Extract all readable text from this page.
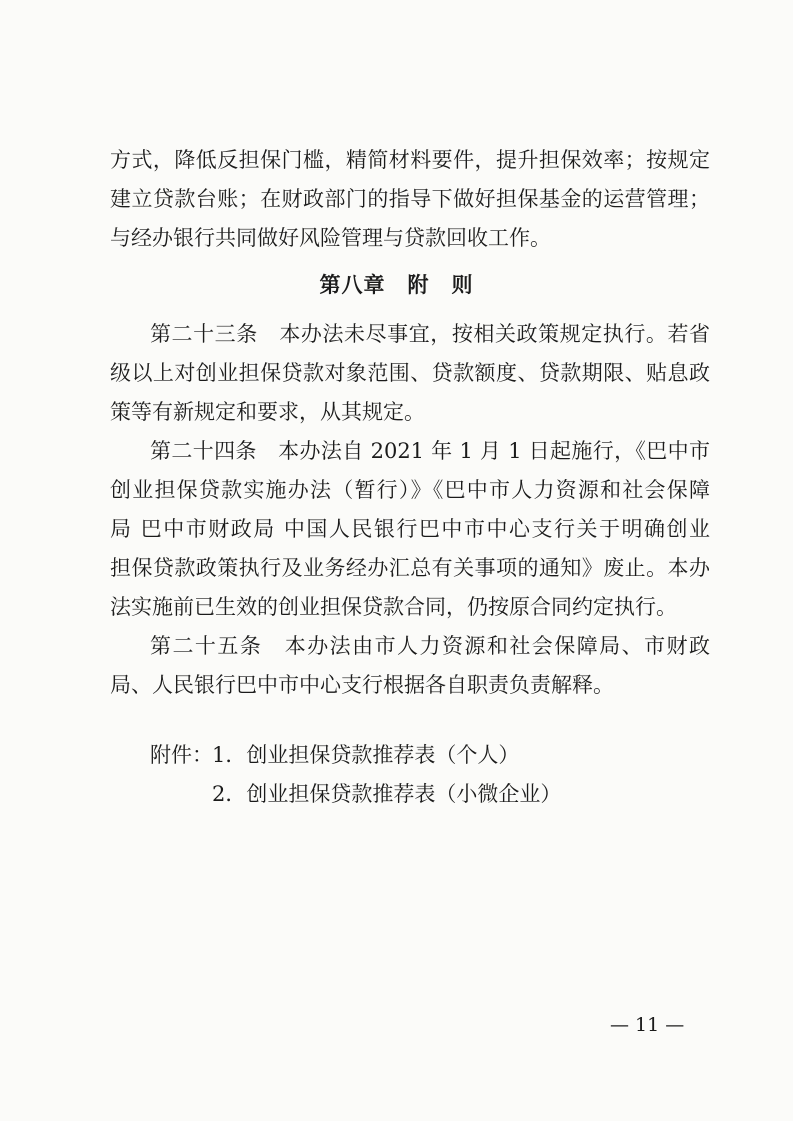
方式，降低反担保门槛，精简材料要件，提升担保效率；按规定
建立贷款台账；在财政部门的指导下做好担保基金的运营管理；
与经办银行共同做好风险管理与贷款回收工作。
第八章　附　则
第二十三条　本办法未尽事宜，按相关政策规定执行。若省
级以上对创业担保贷款对象范围、贷款额度、贷款期限、贴息政
策等有新规定和要求，从其规定。
第二十四条　本办法自 2021 年 1 月 1 日起施行，《巴中市
创业担保贷款实施办法（暂行）》《巴中市人力资源和社会保障
局 巴中市财政局 中国人民银行巴中市中心支行关于明确创业
担保贷款政策执行及业务经办汇总有关事项的通知》废止。本办
法实施前已生效的创业担保贷款合同，仍按原合同约定执行。
第二十五条　本办法由市人力资源和社会保障局、市财政
局、人民银行巴中市中心支行根据各自职责负责解释。
附件： 1．创业担保贷款推荐表（个人）
2．创业担保贷款推荐表（小微企业）
— 11 —
